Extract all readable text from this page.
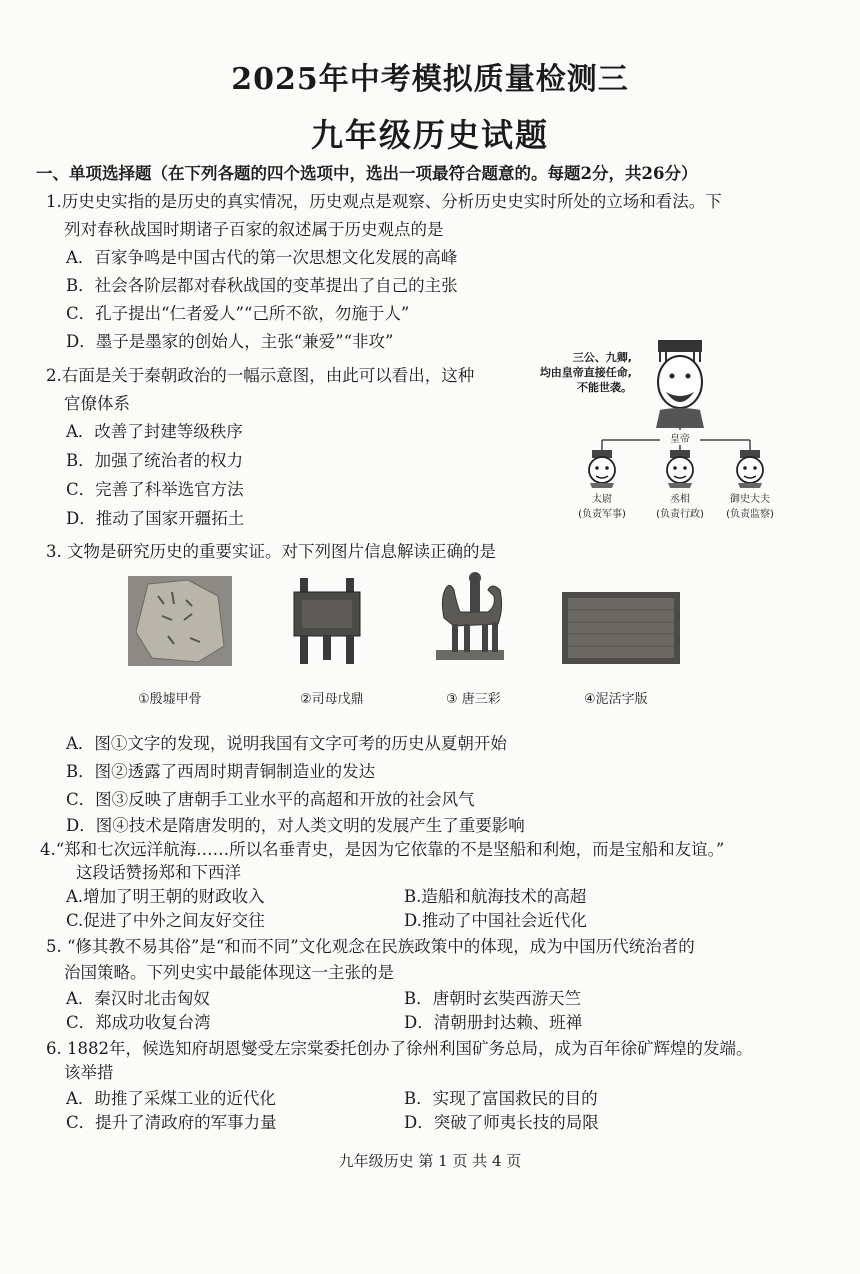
2025年中考模拟质量检测三
九年级历史试题
一、单项选择题（在下列各题的四个选项中，选出一项最符合题意的。每题2分，共26分）
1.历史史实指的是历史的真实情况，历史观点是观察、分析历史史实时所处的立场和看法。下
列对春秋战国时期诸子百家的叙述属于历史观点的是
A．百家争鸣是中国古代的第一次思想文化发展的高峰
B．社会各阶层都对春秋战国的变革提出了自己的主张
C．孔子提出“仁者爱人”“己所不欲，勿施于人”
D．墨子是墨家的创始人，主张“兼爱”“非攻”
2.右面是关于秦朝政治的一幅示意图，由此可以看出，这种
官僚体系
A．改善了封建等级秩序
B．加强了统治者的权力
C．完善了科举选官方法
D．推动了国家开疆拓土
三公、九卿,
均由皇帝直接任命,
不能世袭。
皇帝
太尉
(负责军事)
丞相
(负责行政)
御史大夫
(负责监察)
3. 文物是研究历史的重要实证。对下列图片信息解读正确的是
①殷墟甲骨	②司母戊鼎	③ 唐三彩	④泥活字版
A．图①文字的发现，说明我国有文字可考的历史从夏朝开始
B．图②透露了西周时期青铜制造业的发达
C．图③反映了唐朝手工业水平的高超和开放的社会风气
D．图④技术是隋唐发明的，对人类文明的发展产生了重要影响
4.“郑和七次远洋航海……所以名垂青史，是因为它依靠的不是坚船和利炮，而是宝船和友谊。”
这段话赞扬郑和下西洋
A.增加了明王朝的财政收入	B.造船和航海技术的高超
C.促进了中外之间友好交往	D.推动了中国社会近代化
5. “修其教不易其俗”是“和而不同”文化观念在民族政策中的体现，成为中国历代统治者的
治国策略。下列史实中最能体现这一主张的是
A．秦汉时北击匈奴	B．唐朝时玄奘西游天竺
C．郑成功收复台湾	D．清朝册封达赖、班禅
6. 1882年，候选知府胡恩燮受左宗棠委托创办了徐州利国矿务总局，成为百年徐矿辉煌的发端。
该举措
A．助推了采煤工业的近代化	B．实现了富国救民的目的
C．提升了清政府的军事力量	D．突破了师夷长技的局限
九年级历史 第 1 页 共 4 页
